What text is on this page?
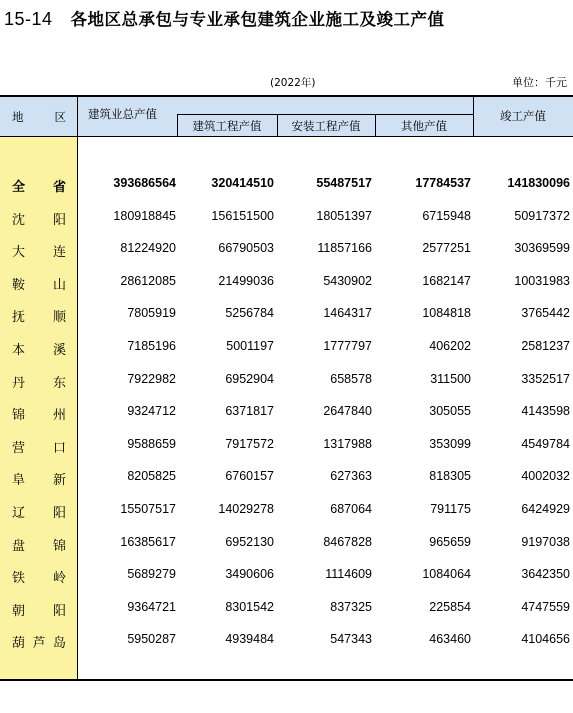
15-14 各地区总承包与专业承包建筑企业施工及竣工产值
(2022年)	单位：千元
地	区 建筑业总产值
建筑工程产值	安装工程产值	其他产值
竣工产值
全 省	393686564	320414510	55487517	17784537	141830096
沈 阳	180918845	156151500	18051397	6715948	50917372
大 连	81224920	66790503	11857166	2577251	30369599
鞍 山	28612085	21499036	5430902	1682147	10031983
抚 顺	7805919	5256784	1464317	1084818	3765442
本 溪	7185196	5001197	1777797	406202	2581237
丹 东	7922982	6952904	658578	311500	3352517
锦 州	9324712	6371817	2647840	305055	4143598
营 口	9588659	7917572	1317988	353099	4549784
阜 新	8205825	6760157	627363	818305	4002032
辽 阳	15507517	14029278	687064	791175	6424929
盘 锦	16385617	6952130	8467828	965659	9197038
铁 岭	5689279	3490606	1114609	1084064	3642350
朝 阳	9364721	8301542	837325	225854	4747559
葫 芦 岛	5950287	4939484	547343	463460	4104656
